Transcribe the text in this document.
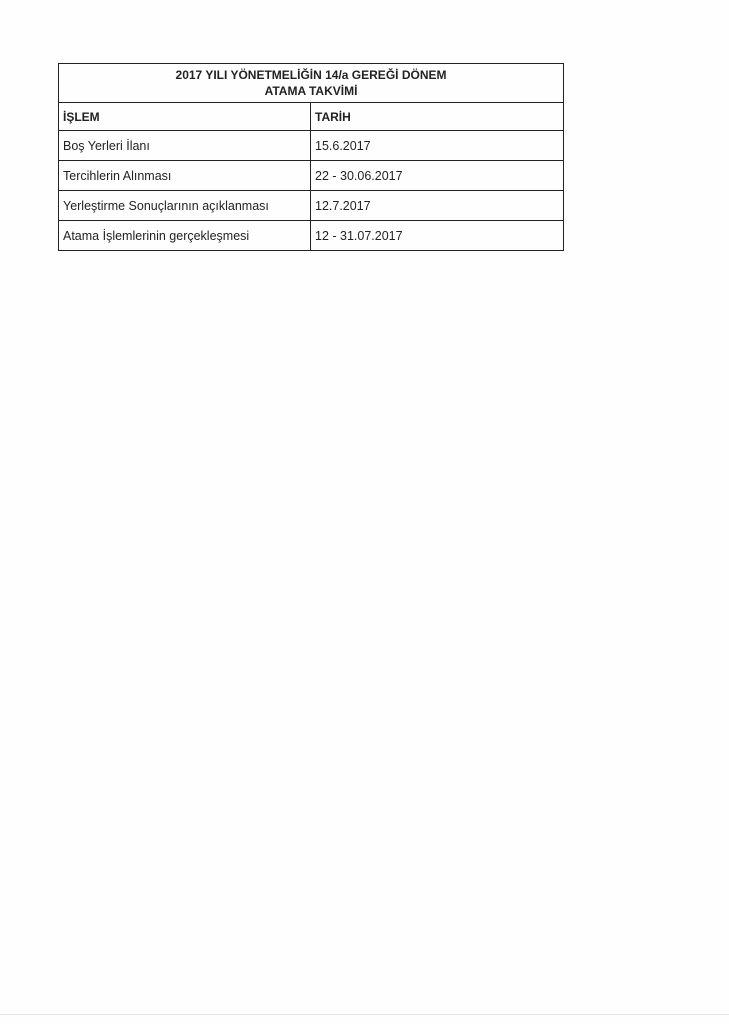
2017 YILI YÖNETMELİĞİN 14/a GEREĞİ DÖNEM
ATAMA TAKVİMİ	

İŞLEM	TARİH
Boş Yerleri İlanı	15.6.2017
Tercihlerin Alınması	22 - 30.06.2017
Yerleştirme Sonuçlarının açıklanması	12.7.2017
Atama İşlemlerinin gerçekleşmesi	12 - 31.07.2017
